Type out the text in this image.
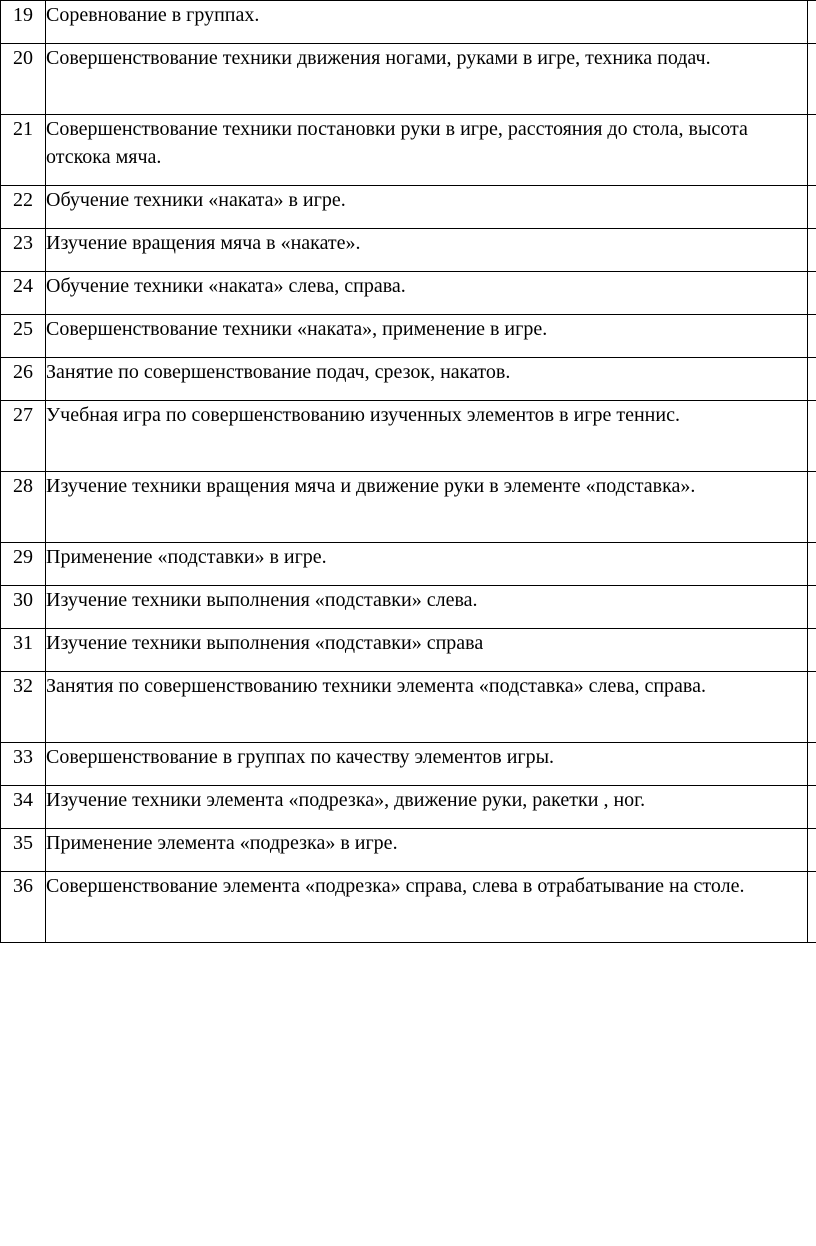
19	Соревнование в группах.	
20	Совершенствование техники движения ногами, руками в игре, техника подач.	
21	Совершенствование техники постановки руки в игре, расстояния до стола, высота отскока мяча.	
22	Обучение техники «наката» в игре.	
23	Изучение вращения мяча в «накате».	
24	Обучение техники «наката» слева, справа.	
25	Совершенствование техники «наката», применение в игре.	
26	Занятие по совершенствование подач, срезок, накатов.	
27	Учебная игра по совершенствованию изученных элементов в игре теннис.	
28	Изучение техники вращения мяча и движение руки в элементе «подставка».	
29	Применение «подставки» в игре.	
30	Изучение техники выполнения «подставки» слева.	
31	Изучение техники выполнения «подставки» справа	
32	Занятия по совершенствованию техники элемента «подставка» слева, справа.	
33	Совершенствование в группах по качеству элементов игры.	
34	Изучение техники элемента «подрезка», движение руки, ракетки , ног.	
35	Применение элемента «подрезка» в игре.	
36	Совершенствование элемента «подрезка» справа, слева в отрабатывание на столе.	
